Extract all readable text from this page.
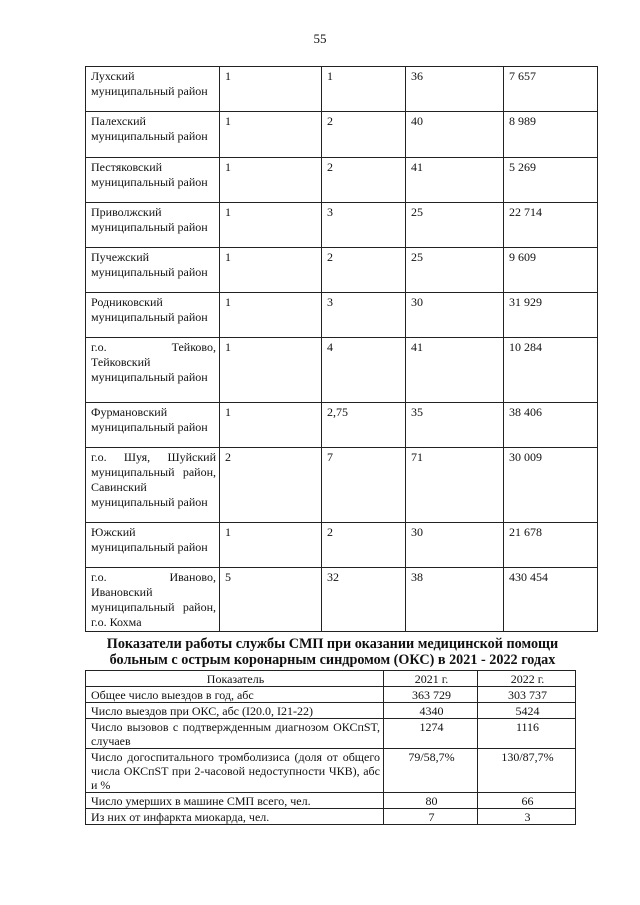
55
Лухский муниципальный район	1	1	36	7 657
Палехский муниципальный район	1	2	40	8 989
Пестяковский муниципальный район	1	2	41	5 269
Приволжский муниципальный район	1	3	25	22 714
Пучежский муниципальный район	1	2	25	9 609
Родниковский муниципальный район	1	3	30	31 929
г.о. Тейково, Тейковский муниципальный район	1	4	41	10 284
Фурмановский муниципальный район	1	2,75	35	38 406
г.о. Шуя, Шуйский муниципальный район, Савинский муниципальный район	2	7	71	30 009
Южский муниципальный район	1	2	30	21 678
г.о. Иваново, Ивановский муниципальный район, г.о. Кохма	5	32	38	430 454
Показатели работы службы СМП при оказании медицинской помощи больным с острым коронарным синдромом (ОКС) в 2021 - 2022 годах
Показатель	2021 г.	2022 г.
Общее число выездов в год, абс	363 729	303 737
Число выездов при ОКС, абс (I20.0, I21-22)	4340	5424
Число вызовов с подтвержденным диагнозом ОКСпST, случаев	1274	1116
Число догоспитального тромболизиса (доля от общего числа ОКСпST при 2-часовой недоступности ЧКВ), абс и %	79/58,7%	130/87,7%
Число умерших в машине СМП всего, чел.	80	66
Из них от инфаркта миокарда, чел.	7	3
